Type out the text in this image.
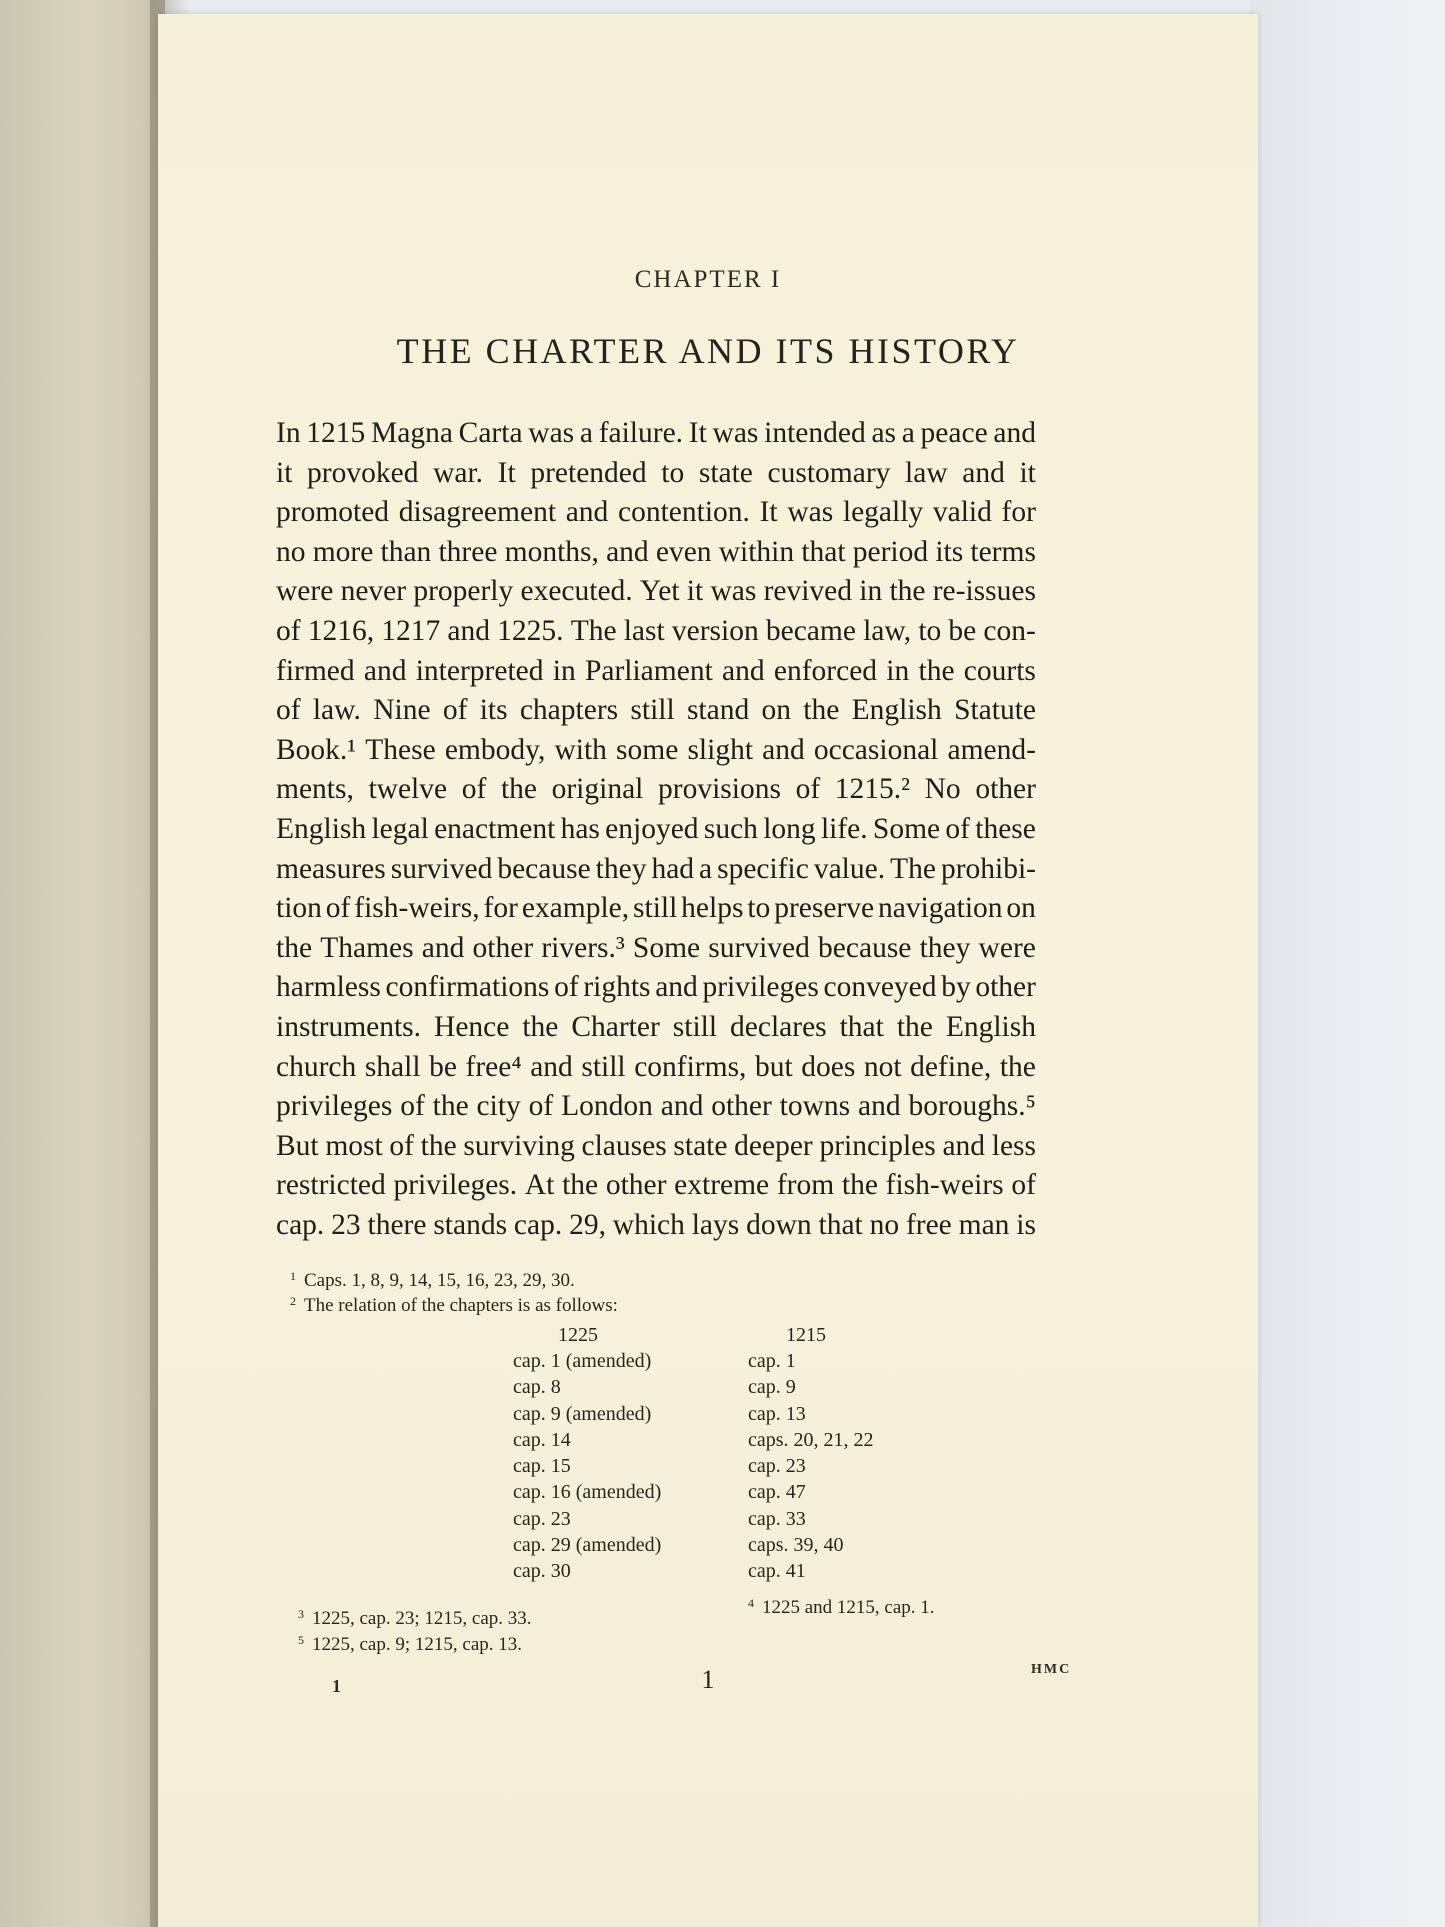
CHAPTER I
THE CHARTER AND ITS HISTORY
In 1215 Magna Carta was a failure. It was intended as a peace and
it provoked war. It pretended to state customary law and it
promoted disagreement and contention. It was legally valid for
no more than three months, and even within that period its terms
were never properly executed. Yet it was revived in the re-issues
of 1216, 1217 and 1225. The last version became law, to be con-
firmed and interpreted in Parliament and enforced in the courts
of law. Nine of its chapters still stand on the English Statute
Book.¹ These embody, with some slight and occasional amend-
ments, twelve of the original provisions of 1215.² No other
English legal enactment has enjoyed such long life. Some of these
measures survived because they had a specific value. The prohibi-
tion of fish-weirs, for example, still helps to preserve navigation on
the Thames and other rivers.³ Some survived because they were
harmless confirmations of rights and privileges conveyed by other
instruments. Hence the Charter still declares that the English
church shall be free⁴ and still confirms, but does not define, the
privileges of the city of London and other towns and boroughs.⁵
But most of the surviving clauses state deeper principles and less
restricted privileges. At the other extreme from the fish-weirs of
cap. 23 there stands cap. 29, which lays down that no free man is
$^1$ Caps. 1, 8, 9, 14, 15, 16, 23, 29, 30.
$^2$ The relation of the chapters is as follows:
1225	1215
cap. 1 (amended)	cap. 1
cap. 8	cap. 9
cap. 9 (amended)	cap. 13
cap. 14	caps. 20, 21, 22
cap. 15	cap. 23
cap. 16 (amended)	cap. 47
cap. 23	cap. 33
cap. 29 (amended)	caps. 39, 40
cap. 30	cap. 41
$^4$ 1225 and 1215, cap. 1.
$^3$ 1225, cap. 23; 1215, cap. 33.
$^5$ 1225, cap. 9; 1215, cap. 13.
1	1	HMC
